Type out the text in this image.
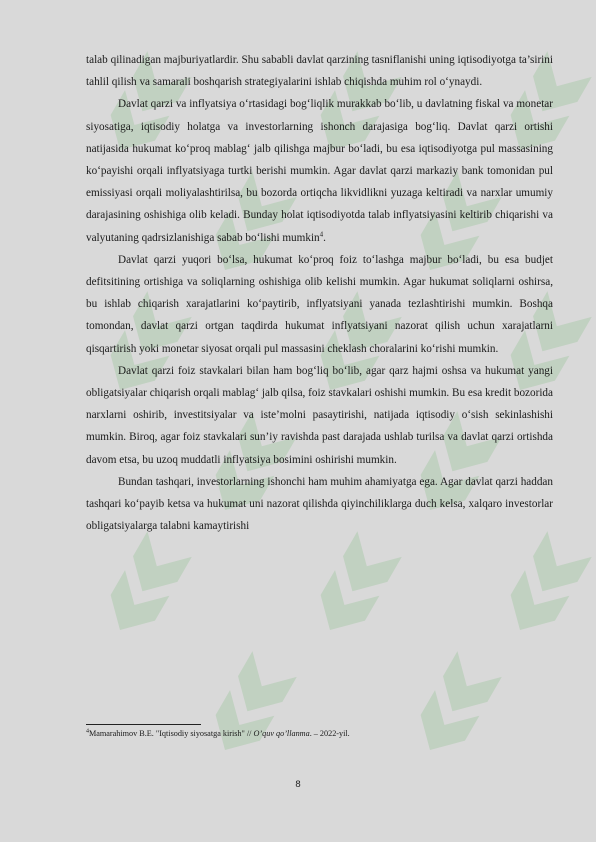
talab qilinadigan majburiyatlardir. Shu sababli davlat qarzining tasniflanishi uning iqtisodiyotga ta’sirini tahlil qilish va samarali boshqarish strategiyalarini ishlab chiqishda muhim rol o‘ynaydi.

Davlat qarzi va inflyatsiya o‘rtasidagi bog‘liqlik murakkab bo‘lib, u davlatning fiskal va monetar siyosatiga, iqtisodiy holatga va investorlarning ishonch darajasiga bog‘liq. Davlat qarzi ortishi natijasida hukumat ko‘proq mablag‘ jalb qilishga majbur bo‘ladi, bu esa iqtisodiyotga pul massasining ko‘payishi orqali inflyatsiyaga turtki berishi mumkin. Agar davlat qarzi markaziy bank tomonidan pul emissiyasi orqali moliyalashtirilsa, bu bozorda ortiqcha likvidlikni yuzaga keltiradi va narxlar umumiy darajasining oshishiga olib keladi. Bunday holat iqtisodiyotda talab inflyatsiyasini keltirib chiqarishi va valyutaning qadrsizlanishiga sabab bo‘lishi mumkin$^4$.

Davlat qarzi yuqori bo‘lsa, hukumat ko‘proq foiz to‘lashga majbur bo‘ladi, bu esa budjet defitsitining ortishiga va soliqlarning oshishiga olib kelishi mumkin. Agar hukumat soliqlarni oshirsa, bu ishlab chiqarish xarajatlarini ko‘paytirib, inflyatsiyani yanada tezlashtirishi mumkin. Boshqa tomondan, davlat qarzi ortgan taqdirda hukumat inflyatsiyani nazorat qilish uchun xarajatlarni qisqartirish yoki monetar siyosat orqali pul massasini cheklash choralarini ko‘rishi mumkin.

Davlat qarzi foiz stavkalari bilan ham bog‘liq bo‘lib, agar qarz hajmi oshsa va hukumat yangi obligatsiyalar chiqarish orqali mablag‘ jalb qilsa, foiz stavkalari oshishi mumkin. Bu esa kredit bozorida narxlarni oshirib, investitsiyalar va iste’molni pasaytirishi, natijada iqtisodiy o‘sish sekinlashishi mumkin. Biroq, agar foiz stavkalari sun’iy ravishda past darajada ushlab turilsa va davlat qarzi ortishda davom etsa, bu uzoq muddatli inflyatsiya bosimini oshirishi mumkin.

Bundan tashqari, investorlarning ishonchi ham muhim ahamiyatga ega. Agar davlat qarzi haddan tashqari ko‘payib ketsa va hukumat uni nazorat qilishda qiyinchiliklarga duch kelsa, xalqaro investorlar obligatsiyalarga talabni kamaytirishi

$^4$Mamarahimov B.E. "Iqtisodiy siyosatga kirish" // O’quv qo’llanma. – 2022-yil.
8
